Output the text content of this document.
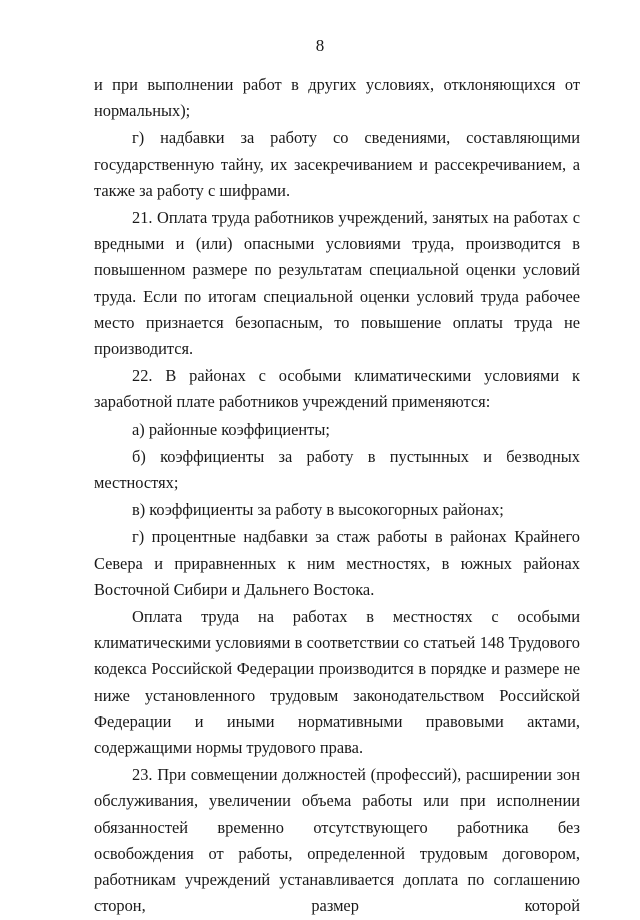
8

и при выполнении работ в других условиях, отклоняющихся от нормальных);

г) надбавки за работу со сведениями, составляющими государственную тайну, их засекречиванием и рассекречиванием, а также за работу с шифрами.

21. Оплата труда работников учреждений, занятых на работах с вредными и (или) опасными условиями труда, производится в повышенном размере по результатам специальной оценки условий труда. Если по итогам специальной оценки условий труда рабочее место признается безопасным, то повышение оплаты труда не производится.

22. В районах с особыми климатическими условиями к заработной плате работников учреждений применяются:

а) районные коэффициенты;

б) коэффициенты за работу в пустынных и безводных местностях;

в) коэффициенты за работу в высокогорных районах;

г) процентные надбавки за стаж работы в районах Крайнего Севера и приравненных к ним местностях, в южных районах Восточной Сибири и Дальнего Востока.

Оплата труда на работах в местностях с особыми климатическими условиями в соответствии со статьей 148 Трудового кодекса Российской Федерации производится в порядке и размере не ниже установленного трудовым законодательством Российской Федерации и иными нормативными правовыми актами, содержащими нормы трудового права.

23. При совмещении должностей (профессий), расширении зон обслуживания, увеличении объема работы или при исполнении обязанностей временно отсутствующего работника без освобождения от работы, определенной трудовым договором, работникам учреждений устанавливается доплата по соглашению сторон, размер которой
